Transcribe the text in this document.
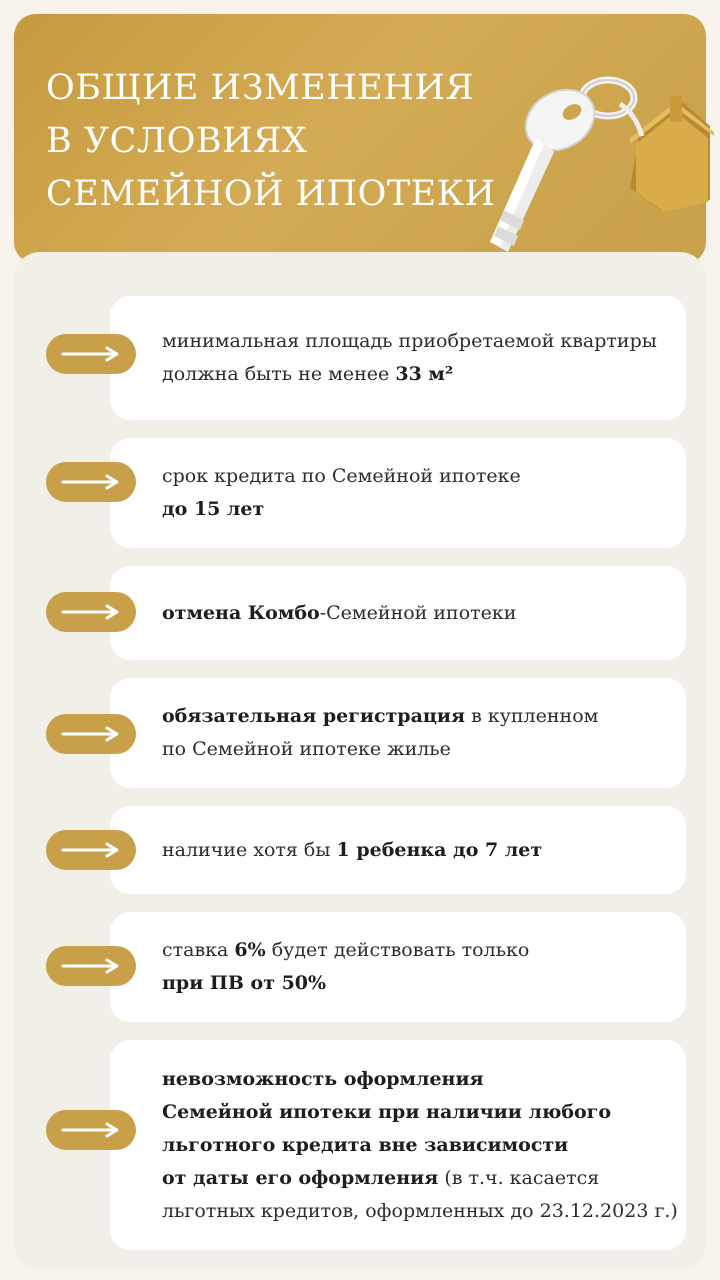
ОБЩИЕ ИЗМЕНЕНИЯ
В УСЛОВИЯХ
СЕМЕЙНОЙ ИПОТЕКИ
минимальная площадь приобретаемой квартиры
должна быть не менее 33 м²
срок кредита по Семейной ипотеке
до 15 лет
отмена Комбо-Семейной ипотеки
обязательная регистрация в купленном
по Семейной ипотеке жилье
наличие хотя бы 1 ребенка до 7 лет
ставка 6% будет действовать только
при ПВ от 50%
невозможность оформления
Семейной ипотеки при наличии любого
льготного кредита вне зависимости
от даты его оформления (в т.ч. касается
льготных кредитов, оформленных до 23.12.2023 г.)
